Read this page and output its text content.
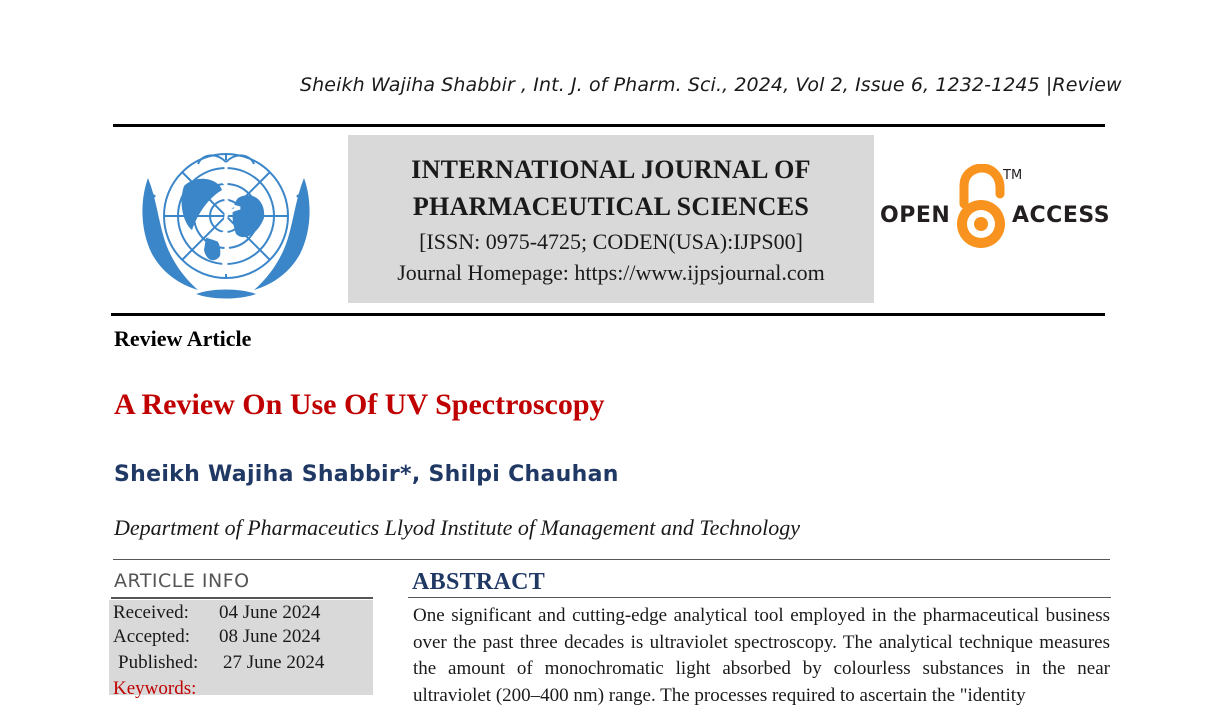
Sheikh Wajiha Shabbir , Int. J. of Pharm. Sci., 2024, Vol 2, Issue 6, 1232-1245 |Review
INTERNATIONAL JOURNAL OF
PHARMACEUTICAL SCIENCES
[ISSN: 0975-4725; CODEN(USA):IJPS00]
Journal Homepage: https://www.ijpsjournal.com
OPEN
TM
ACCESS
Review Article
A Review On Use Of UV Spectroscopy
Sheikh Wajiha Shabbir*, Shilpi Chauhan
Department of Pharmaceutics Llyod Institute of Management and Technology
ARTICLE INFO
Received: 04 June 2024
Accepted: 08 June 2024
Published: 27 June 2024
Keywords:
ABSTRACT
One significant and cutting-edge analytical tool employed in the pharmaceutical business over the past three decades is ultraviolet spectroscopy. The analytical technique measures the amount of monochromatic light absorbed by colourless substances in the near ultraviolet (200–400 nm) range. The processes required to ascertain the "identity
